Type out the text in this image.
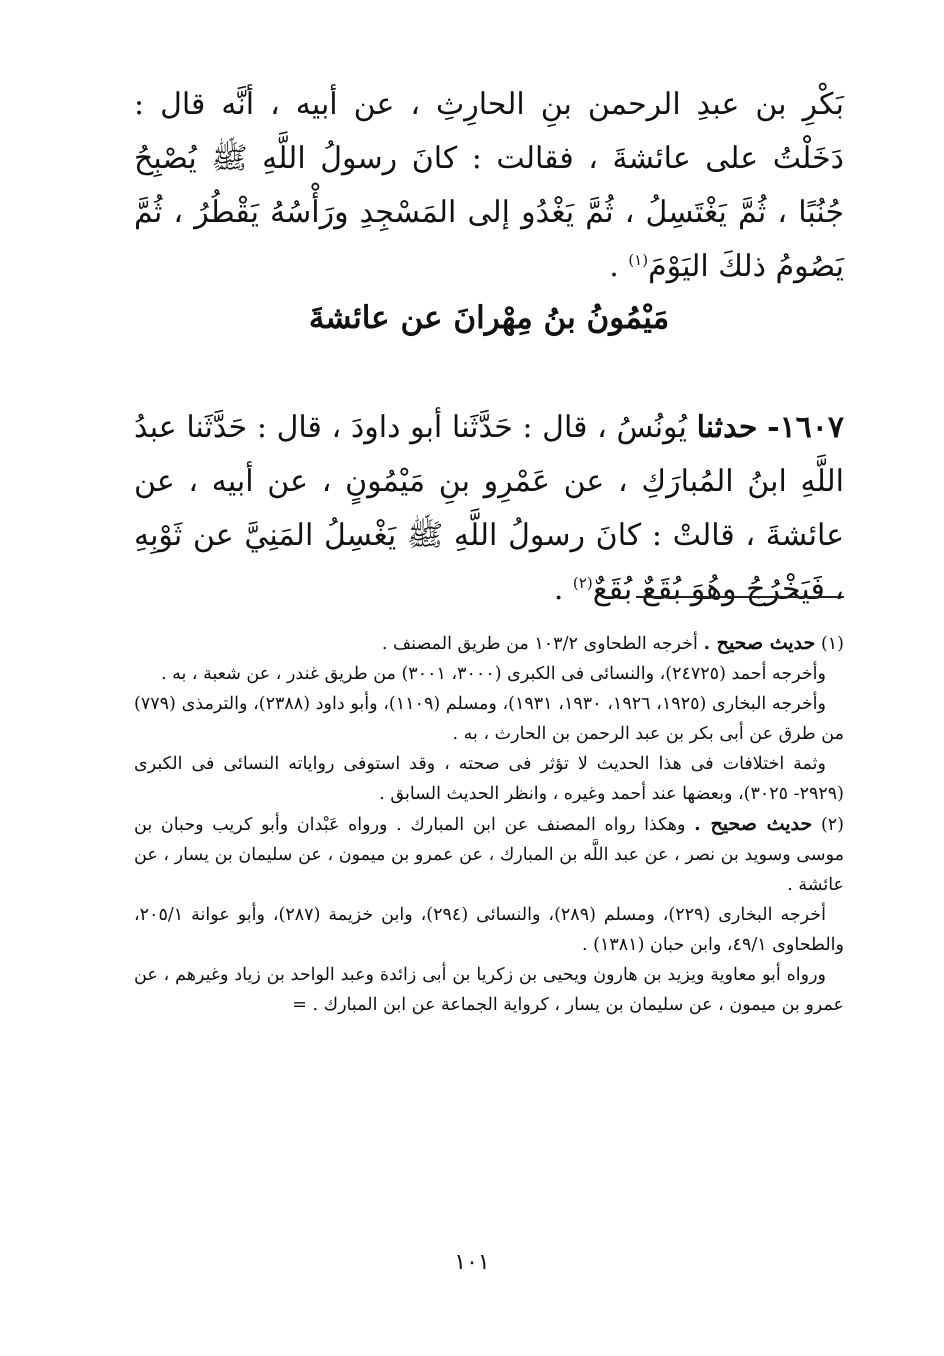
بَكْرِ بن عبدِ الرحمن بنِ الحارِثِ ، عن أبيه ، أنَّه قال : دَخَلْتُ على عائشةَ ، فقالت : كانَ رسولُ اللَّهِ ﷺ يُصْبِحُ جُنُبًا ، ثُمَّ يَغْتَسِلُ ، ثُمَّ يَغْدُو إلى المَسْجِدِ ورَأْسُهُ يَقْطُرُ ، ثُمَّ يَصُومُ ذلكَ اليَوْمَ$^{(١)}$ .
مَيْمُونُ بنُ مِهْرانَ عن عائشةَ
١٦٠٧- حدثنا يُونُسُ ، قال : حَدَّثَنا أبو داودَ ، قال : حَدَّثَنا عبدُ اللَّهِ ابنُ المُبارَكِ ، عن عَمْرِو بنِ مَيْمُونٍ ، عن أبيه ، عن عائشةَ ، قالتْ : كانَ رسولُ اللَّهِ ﷺ يَغْسِلُ المَنِيَّ عن ثَوْبِهِ ، فَيَخْرُجُ وهُوَ بُقَعٌ بُقَعٌ$^{(٢)}$ .

(١) حديث صحيح . أخرجه الطحاوى ١٠٣/٢ من طريق المصنف .

وأخرجه أحمد (٢٤٧٢٥)، والنسائى فى الكبرى (٣٠٠٠، ٣٠٠١) من طريق غندر ، عن شعبة ، به .

وأخرجه البخارى (١٩٢٥، ١٩٢٦، ١٩٣٠، ١٩٣١)، ومسلم (١١٠٩)، وأبو داود (٢٣٨٨)، والترمذى (٧٧٩) من طرق عن أبى بكر بن عبد الرحمن بن الحارث ، به .

وثمة اختلافات فى هذا الحديث لا تؤثر فى صحته ، وقد استوفى رواياته النسائى فى الكبرى (٢٩٢٩- ٣٠٢٥)، وبعضها عند أحمد وغيره ، وانظر الحديث السابق .

(٢) حديث صحيح . وهكذا رواه المصنف عن ابن المبارك . ورواه عَبْدان وأبو كريب وحبان بن موسى وسويد بن نصر ، عن عبد اللَّه بن المبارك ، عن عمرو بن ميمون ، عن سليمان بن يسار ، عن عائشة .

أخرجه البخارى (٢٢٩)، ومسلم (٢٨٩)، والنسائى (٢٩٤)، وابن خزيمة (٢٨٧)، وأبو عوانة ٢٠٥/١، والطحاوى ٤٩/١، وابن حبان (١٣٨١) .

ورواه أبو معاوية ويزيد بن هارون ويحيى بن زكريا بن أبى زائدة وعبد الواحد بن زياد وغيرهم ، عن عمرو بن ميمون ، عن سليمان بن يسار ، كرواية الجماعة عن ابن المبارك . =

١٠١
